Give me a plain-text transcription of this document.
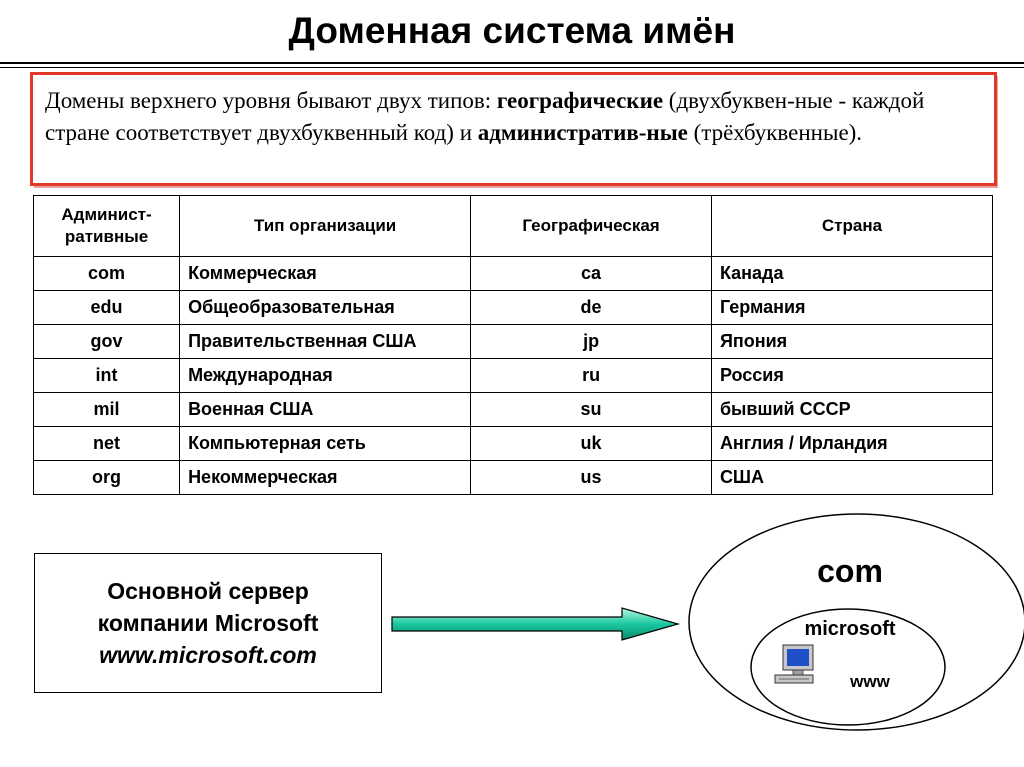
Доменная система имён
Домены верхнего уровня бывают двух типов: географические (двухбуквен-ные - каждой стране соответствует двухбуквенный код) и административ-ные (трёхбуквенные).
Админист-
ративные	Тип организации	Географическая	Страна
com	Коммерческая	ca	Канада
edu	Общеобразовательная	de	Германия
gov	Правительственная США	jp	Япония
int	Международная	ru	Россия
mil	Военная США	su	бывший СССР
net	Компьютерная сеть	uk	Англия / Ирландия
org	Некоммерческая	us	США
Основной сервер
компании Microsoft
www.microsoft.com
com
microsoft
www
